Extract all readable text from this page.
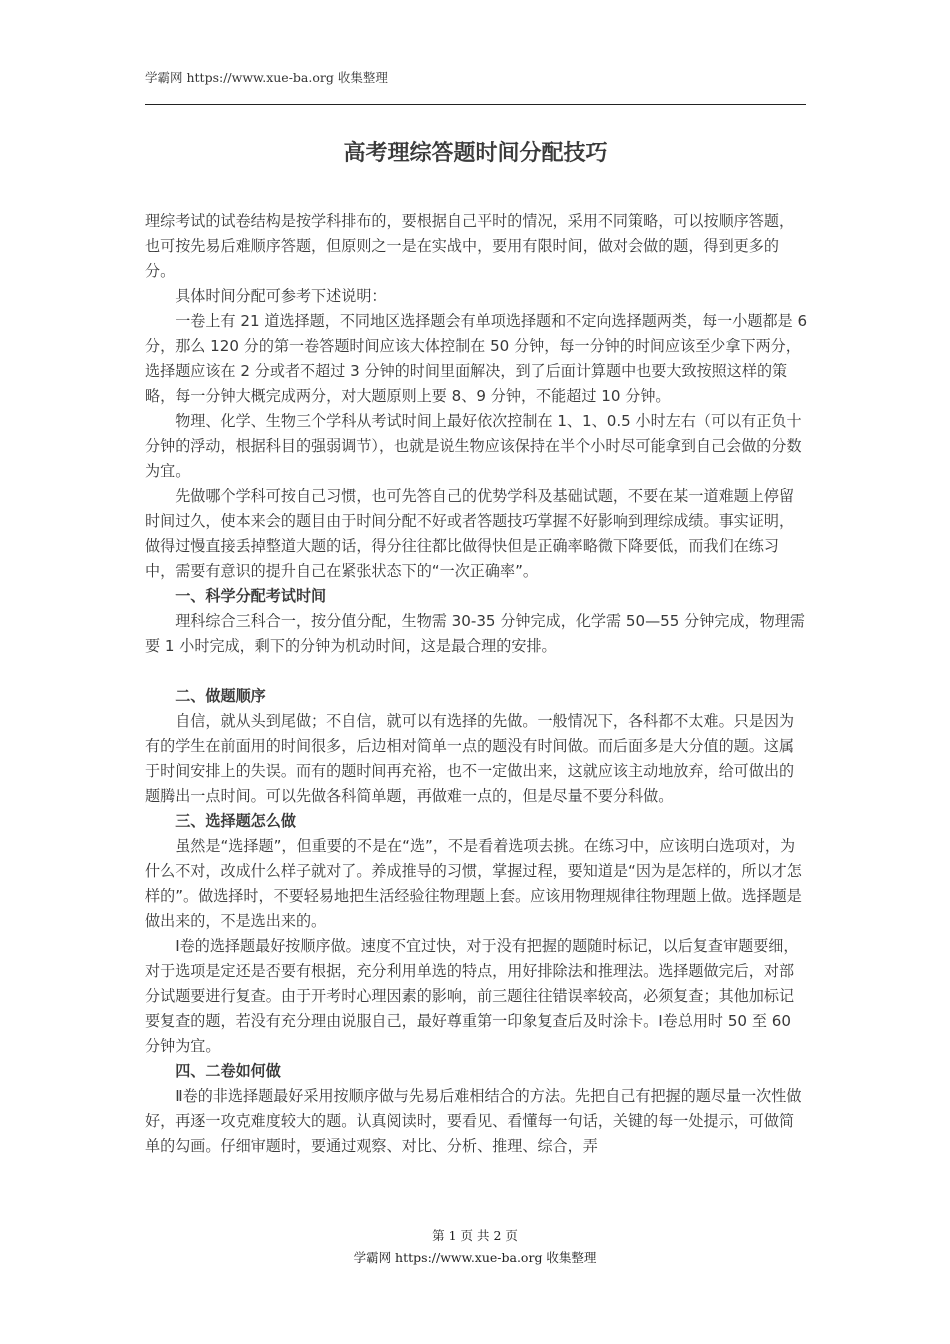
学霸网 https://www.xue-ba.org 收集整理
高考理综答题时间分配技巧

理综考试的试卷结构是按学科排布的，要根据自己平时的情况，采用不同策略，可以按顺序答题，也可按先易后难顺序答题，但原则之一是在实战中，要用有限时间，做对会做的题，得到更多的分。

具体时间分配可参考下述说明：

一卷上有 21 道选择题，不同地区选择题会有单项选择题和不定向选择题两类，每一小题都是 6 分，那么 120 分的第一卷答题时间应该大体控制在 50 分钟，每一分钟的时间应该至少拿下两分，选择题应该在 2 分或者不超过 3 分钟的时间里面解决，到了后面计算题中也要大致按照这样的策略，每一分钟大概完成两分，对大题原则上要 8、9 分钟，不能超过 10 分钟。

物理、化学、生物三个学科从考试时间上最好依次控制在 1、1、0.5 小时左右（可以有正负十分钟的浮动，根据科目的强弱调节），也就是说生物应该保持在半个小时尽可能拿到自己会做的分数为宜。

先做哪个学科可按自己习惯，也可先答自己的优势学科及基础试题，不要在某一道难题上停留时间过久，使本来会的题目由于时间分配不好或者答题技巧掌握不好影响到理综成绩。事实证明，做得过慢直接丢掉整道大题的话，得分往往都比做得快但是正确率略微下降要低，而我们在练习中，需要有意识的提升自己在紧张状态下的“一次正确率”。

一、科学分配考试时间

理科综合三科合一，按分值分配，生物需 30-35 分钟完成，化学需 50—55 分钟完成，物理需要 1 小时完成，剩下的分钟为机动时间，这是最合理的安排。

二、做题顺序

自信，就从头到尾做；不自信，就可以有选择的先做。一般情况下，各科都不太难。只是因为有的学生在前面用的时间很多，后边相对简单一点的题没有时间做。而后面多是大分值的题。这属于时间安排上的失误。而有的题时间再充裕，也不一定做出来，这就应该主动地放弃，给可做出的题腾出一点时间。可以先做各科简单题，再做难一点的，但是尽量不要分科做。

三、选择题怎么做

虽然是“选择题”，但重要的不是在“选”，不是看着选项去挑。在练习中，应该明白选项对，为什么不对，改成什么样子就对了。养成推导的习惯，掌握过程，要知道是“因为是怎样的，所以才怎样的”。做选择时，不要轻易地把生活经验往物理题上套。应该用物理规律往物理题上做。选择题是做出来的，不是选出来的。

Ⅰ卷的选择题最好按顺序做。速度不宜过快，对于没有把握的题随时标记，以后复查审题要细，对于选项是定还是否要有根据，充分利用单选的特点，用好排除法和推理法。选择题做完后，对部分试题要进行复查。由于开考时心理因素的影响，前三题往往错误率较高，必须复查；其他加标记要复查的题，若没有充分理由说服自己，最好尊重第一印象复查后及时涂卡。Ⅰ卷总用时 50 至 60 分钟为宜。

四、二卷如何做

Ⅱ卷的非选择题最好采用按顺序做与先易后难相结合的方法。先把自己有把握的题尽量一次性做好，再逐一攻克难度较大的题。认真阅读时，要看见、看懂每一句话，关键的每一处提示，可做简单的勾画。仔细审题时，要通过观察、对比、分析、推理、综合，弄

第 1 页 共 2 页
学霸网 https://www.xue-ba.org 收集整理
